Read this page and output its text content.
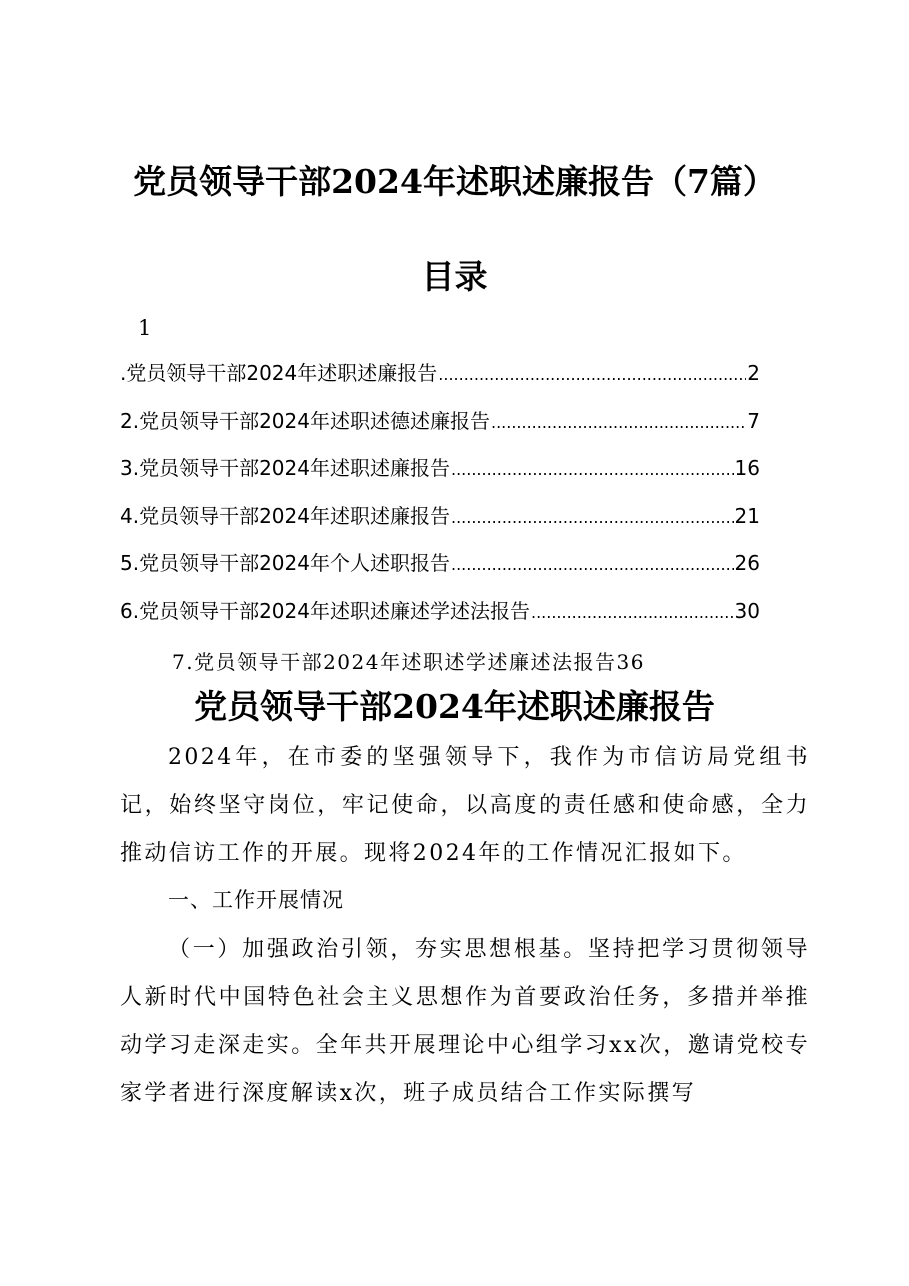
党员领导干部2024年述职述廉报告（7篇）
目录
1
.党员领导干部2024年述职述廉报告 .....	2
2.党员领导干部2024年述职述德述廉报告 .....	7
3.党员领导干部2024年述职述廉报告 .....	16
4.党员领导干部2024年述职述廉报告 .....	21
5.党员领导干部2024年个人述职报告 .....	26
6.党员领导干部2024年述职述廉述学述法报告 .....	30
7.党员领导干部2024年述职述学述廉述法报告36
党员领导干部2024年述职述廉报告
2024年，在市委的坚强领导下，我作为市信访局党组书记，始终坚守岗位，牢记使命，以高度的责任感和使命感，全力推动信访工作的开展。现将2024年的工作情况汇报如下。
一、工作开展情况
（一）加强政治引领，夯实思想根基。坚持把学习贯彻领导人新时代中国特色社会主义思想作为首要政治任务，多措并举推动学习走深走实。全年共开展理论中心组学习xx次，邀请党校专家学者进行深度解读x次，班子成员结合工作实际撰写
